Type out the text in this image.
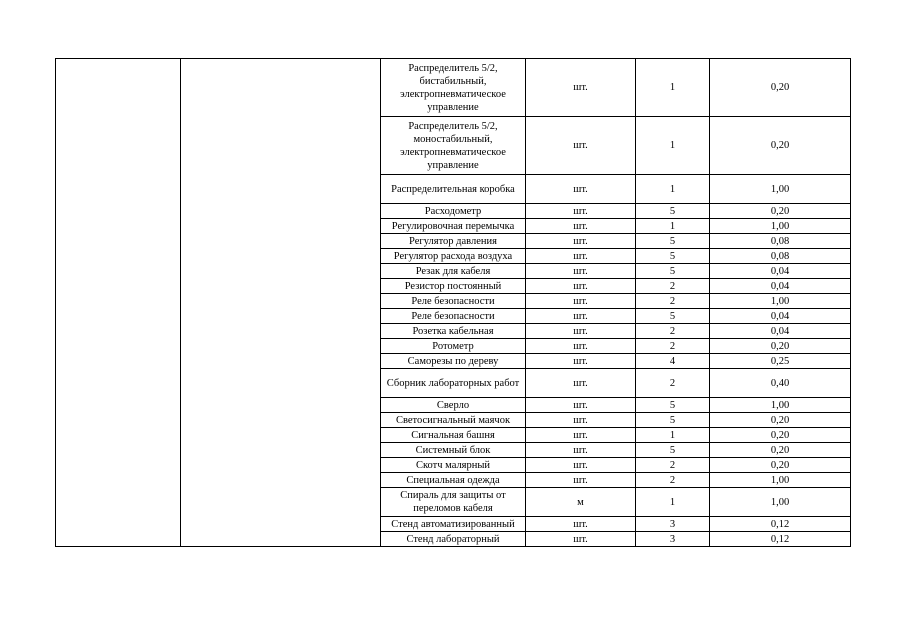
		Распределитель 5/2, бистабильный, электропневматическое управление	шт.	1	0,20
		Распределитель 5/2, моностабильный, электропневматическое управление	шт.	1	0,20
		Распределительная коробка	шт.	1	1,00
		Расходометр	шт.	5	0,20
		Регулировочная перемычка	шт.	1	1,00
		Регулятор давления	шт.	5	0,08
		Регулятор расхода воздуха	шт.	5	0,08
		Резак для кабеля	шт.	5	0,04
		Резистор постоянный	шт.	2	0,04
		Реле безопасности	шт.	2	1,00
		Реле безопасности	шт.	5	0,04
		Розетка кабельная	шт.	2	0,04
		Ротометр	шт.	2	0,20
		Саморезы по дереву	шт.	4	0,25
		Сборник лабораторных работ	шт.	2	0,40
		Сверло	шт.	5	1,00
		Светосигнальный маячок	шт.	5	0,20
		Сигнальная башня	шт.	1	0,20
		Системный блок	шт.	5	0,20
		Скотч малярный	шт.	2	0,20
		Специальная одежда	шт.	2	1,00
		Спираль для защиты от переломов кабеля	м	1	1,00
		Стенд автоматизированный	шт.	3	0,12
		Стенд лабораторный	шт.	3	0,12
